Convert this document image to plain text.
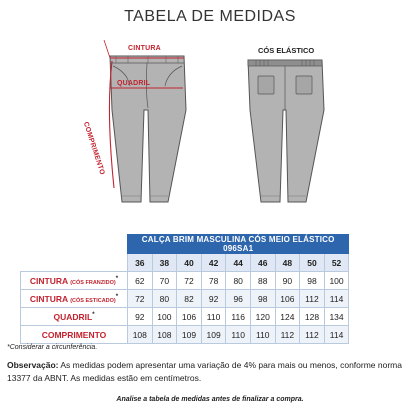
TABELA DE MEDIDAS
CINTURA
QUADRIL
COMPRIMENTO
CÓS ELÁSTICO
	CALÇA BRIM MASCULINA CÓS MEIO ELÁSTICO 096SA1								
	36	38	40	42	44	46	48	50	52
CINTURA (CÓS FRANZIDO)*	62	70	72	78	80	88	90	98	100
CINTURA (CÓS ESTICADO)*	72	80	82	92	96	98	106	112	114
QUADRIL*	92	100	106	110	116	120	124	128	134
COMPRIMENTO	108	108	109	109	110	110	112	112	114
*Considerar a circunferência.
Observação: As medidas podem apresentar uma variação de 4% para mais ou menos, conforme norma 13377 da ABNT. As medidas estão em centímetros.
Analise a tabela de medidas antes de finalizar a compra.
